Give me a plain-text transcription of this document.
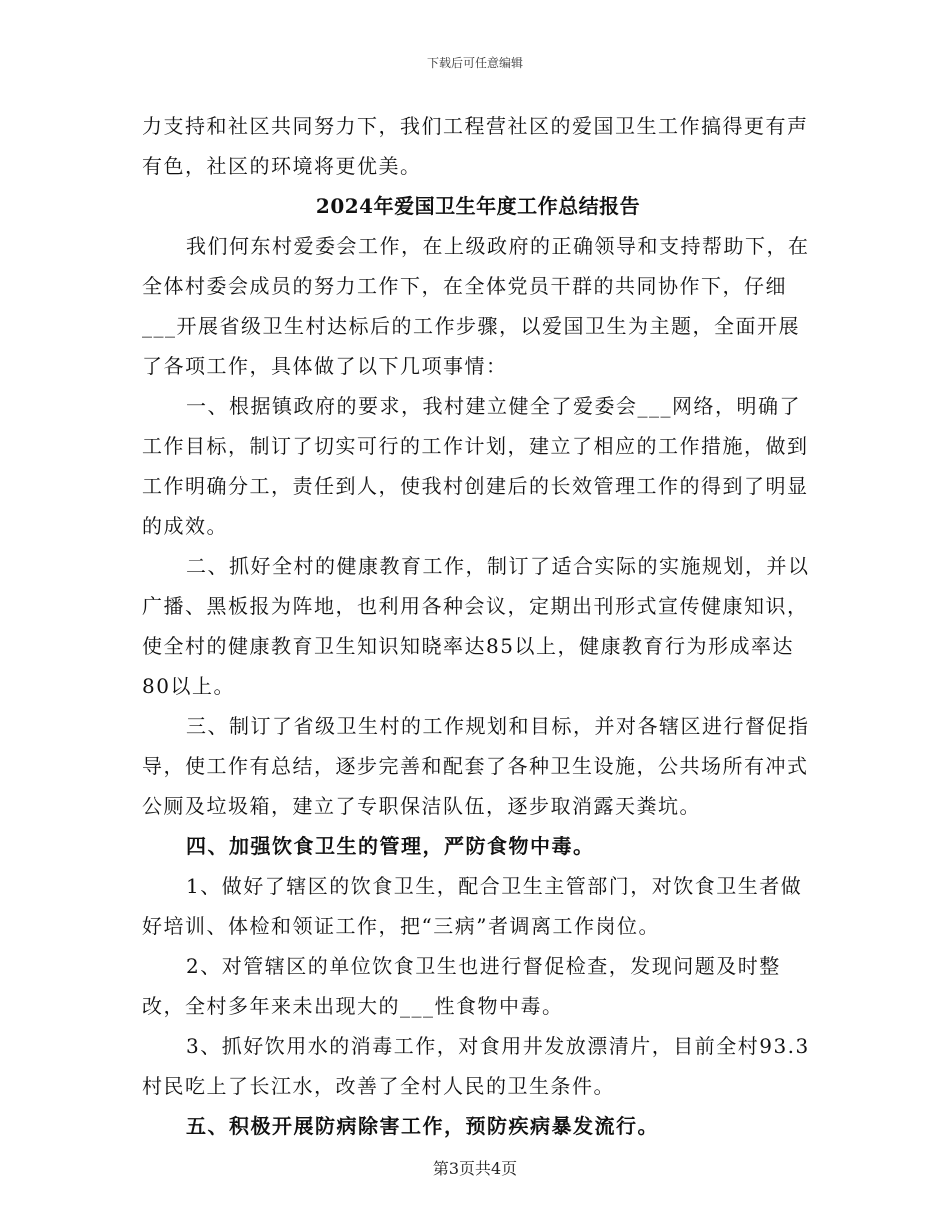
下载后可任意编辑

力支持和社区共同努力下，我们工程营社区的爱国卫生工作搞得更有声有色，社区的环境将更优美。

2024年爱国卫生年度工作总结报告

我们何东村爱委会工作，在上级政府的正确领导和支持帮助下，在全体村委会成员的努力工作下，在全体党员干群的共同协作下，仔细___开展省级卫生村达标后的工作步骤，以爱国卫生为主题，全面开展了各项工作，具体做了以下几项事情：

一、根据镇政府的要求，我村建立健全了爱委会___网络，明确了工作目标，制订了切实可行的工作计划，建立了相应的工作措施，做到工作明确分工，责任到人，使我村创建后的长效管理工作的得到了明显的成效。

二、抓好全村的健康教育工作，制订了适合实际的实施规划，并以广播、黑板报为阵地，也利用各种会议，定期出刊形式宣传健康知识，使全村的健康教育卫生知识知晓率达85以上，健康教育行为形成率达80以上。

三、制订了省级卫生村的工作规划和目标，并对各辖区进行督促指导，使工作有总结，逐步完善和配套了各种卫生设施，公共场所有冲式公厕及垃圾箱，建立了专职保洁队伍，逐步取消露天粪坑。

四、加强饮食卫生的管理，严防食物中毒。

1、做好了辖区的饮食卫生，配合卫生主管部门，对饮食卫生者做好培训、体检和领证工作，把“三病”者调离工作岗位。

2、对管辖区的单位饮食卫生也进行督促检查，发现问题及时整改，全村多年来未出现大的___性食物中毒。

3、抓好饮用水的消毒工作，对食用井发放漂清片，目前全村93.3村民吃上了长江水，改善了全村人民的卫生条件。

五、积极开展防病除害工作，预防疾病暴发流行。

第3页共4页
